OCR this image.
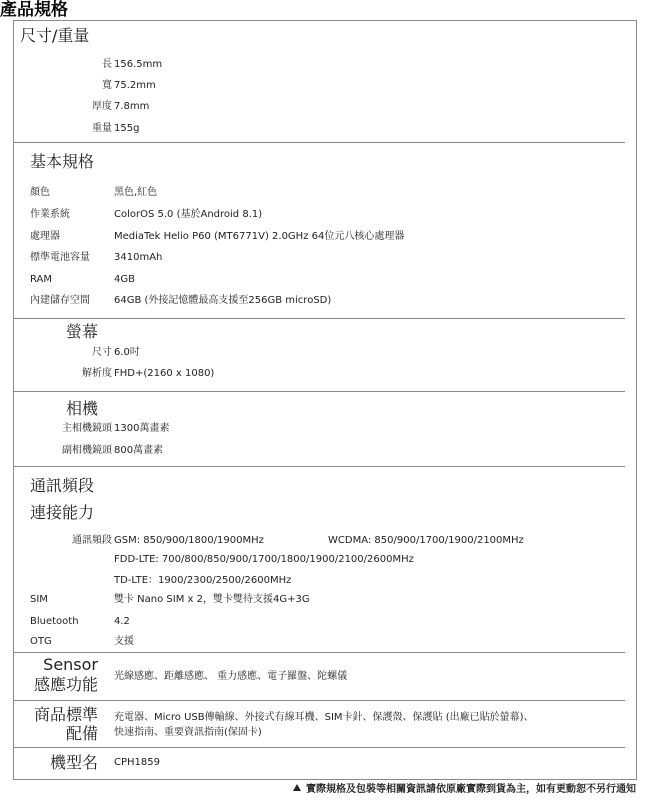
產品規格
尺寸/重量
長 156.5mm
寬 75.2mm
厚度 7.8mm
重量 155g
基本規格
顏色	黑色,紅色
作業系統	ColorOS 5.0 (基於Android 8.1)
處理器	MediaTek Helio P60 (MT6771V) 2.0GHz 64位元八核心處理器
標準電池容量 3410mAh
RAM	4GB
內建儲存空間 64GB (外接記憶體最高支援至256GB microSD)
螢幕
尺寸 6.0吋
解析度 FHD+(2160 x 1080)
相機
主相機鏡頭 1300萬畫素
副相機鏡頭 800萬畫素
通訊頻段
連接能力
通訊頻段 GSM: 850/900/1800/1900MHz	WCDMA: 850/900/1700/1900/2100MHz
FDD-LTE: 700/800/850/900/1700/1800/1900/2100/2600MHz
TD-LTE：1900/2300/2500/2600MHz
SIM	雙卡 Nano SIM x 2，雙卡雙待支援4G+3G
Bluetooth	4.2
OTG	支援
Sensor
感應功能 光線感應、距離感應、 重力感應、電子羅盤、陀螺儀
商品標準
配備
充電器、Micro USB傳輸線、外接式有線耳機、SIM卡針、保護殼、保護貼 (出廠已貼於螢幕)、
快速指南、重要資訊指南(保固卡)
機型名 CPH1859
實際規格及包裝等相關資訊請依原廠實際到貨為主，如有更動恕不另行通知
